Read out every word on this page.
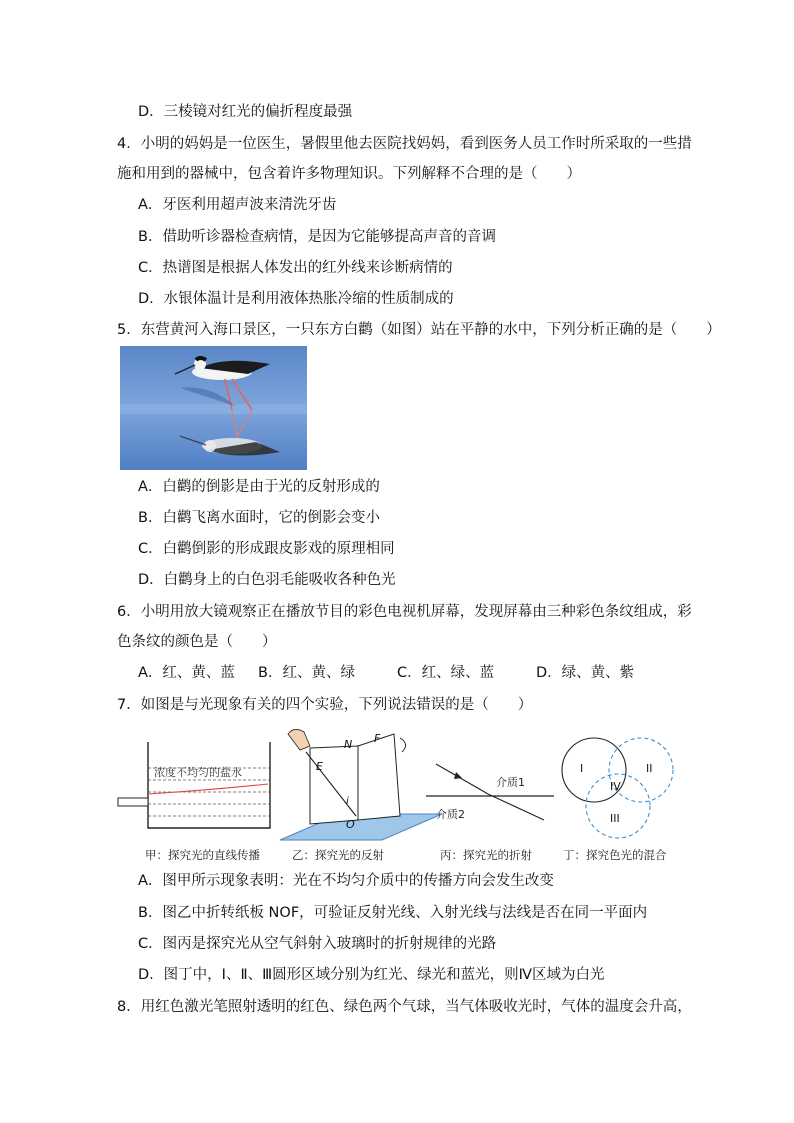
D．三棱镜对红光的偏折程度最强
4．小明的妈妈是一位医生，暑假里他去医院找妈妈，看到医务人员工作时所采取的一些措
施和用到的器械中，包含着许多物理知识。下列解释不合理的是（　　）
A．牙医利用超声波来清洗牙齿
B．借助听诊器检查病情，是因为它能够提高声音的音调
C．热谱图是根据人体发出的红外线来诊断病情的
D．水银体温计是利用液体热胀冷缩的性质制成的
5．东营黄河入海口景区，一只东方白鹳（如图）站在平静的水中，下列分析正确的是（　　）
A．白鹳的倒影是由于光的反射形成的
B．白鹳飞离水面时，它的倒影会变小
C．白鹳倒影的形成跟皮影戏的原理相同
D．白鹳身上的白色羽毛能吸收各种色光
6．小明用放大镜观察正在播放节目的彩色电视机屏幕，发现屏幕由三种彩色条纹组成，彩
色条纹的颜色是（　　）
A．红、黄、蓝 B．红、黄、绿	C．红、绿、蓝	D．绿、黄、紫
7．如图是与光现象有关的四个实验，下列说法错误的是（　　）
浓度不均匀的盐水
N F
E
i
O
介质1
介质2
I	II
III
IV
甲：探究光的直线传播	乙：探究光的反射	丙：探究光的折射	丁：探究色光的混合
A．图甲所示现象表明：光在不均匀介质中的传播方向会发生改变
B．图乙中折转纸板 NOF，可验证反射光线、入射光线与法线是否在同一平面内
C．图丙是探究光从空气斜射入玻璃时的折射规律的光路
D．图丁中，Ⅰ、Ⅱ、Ⅲ圆形区域分别为红光、绿光和蓝光，则Ⅳ区域为白光
8．用红色激光笔照射透明的红色、绿色两个气球，当气体吸收光时，气体的温度会升高，
